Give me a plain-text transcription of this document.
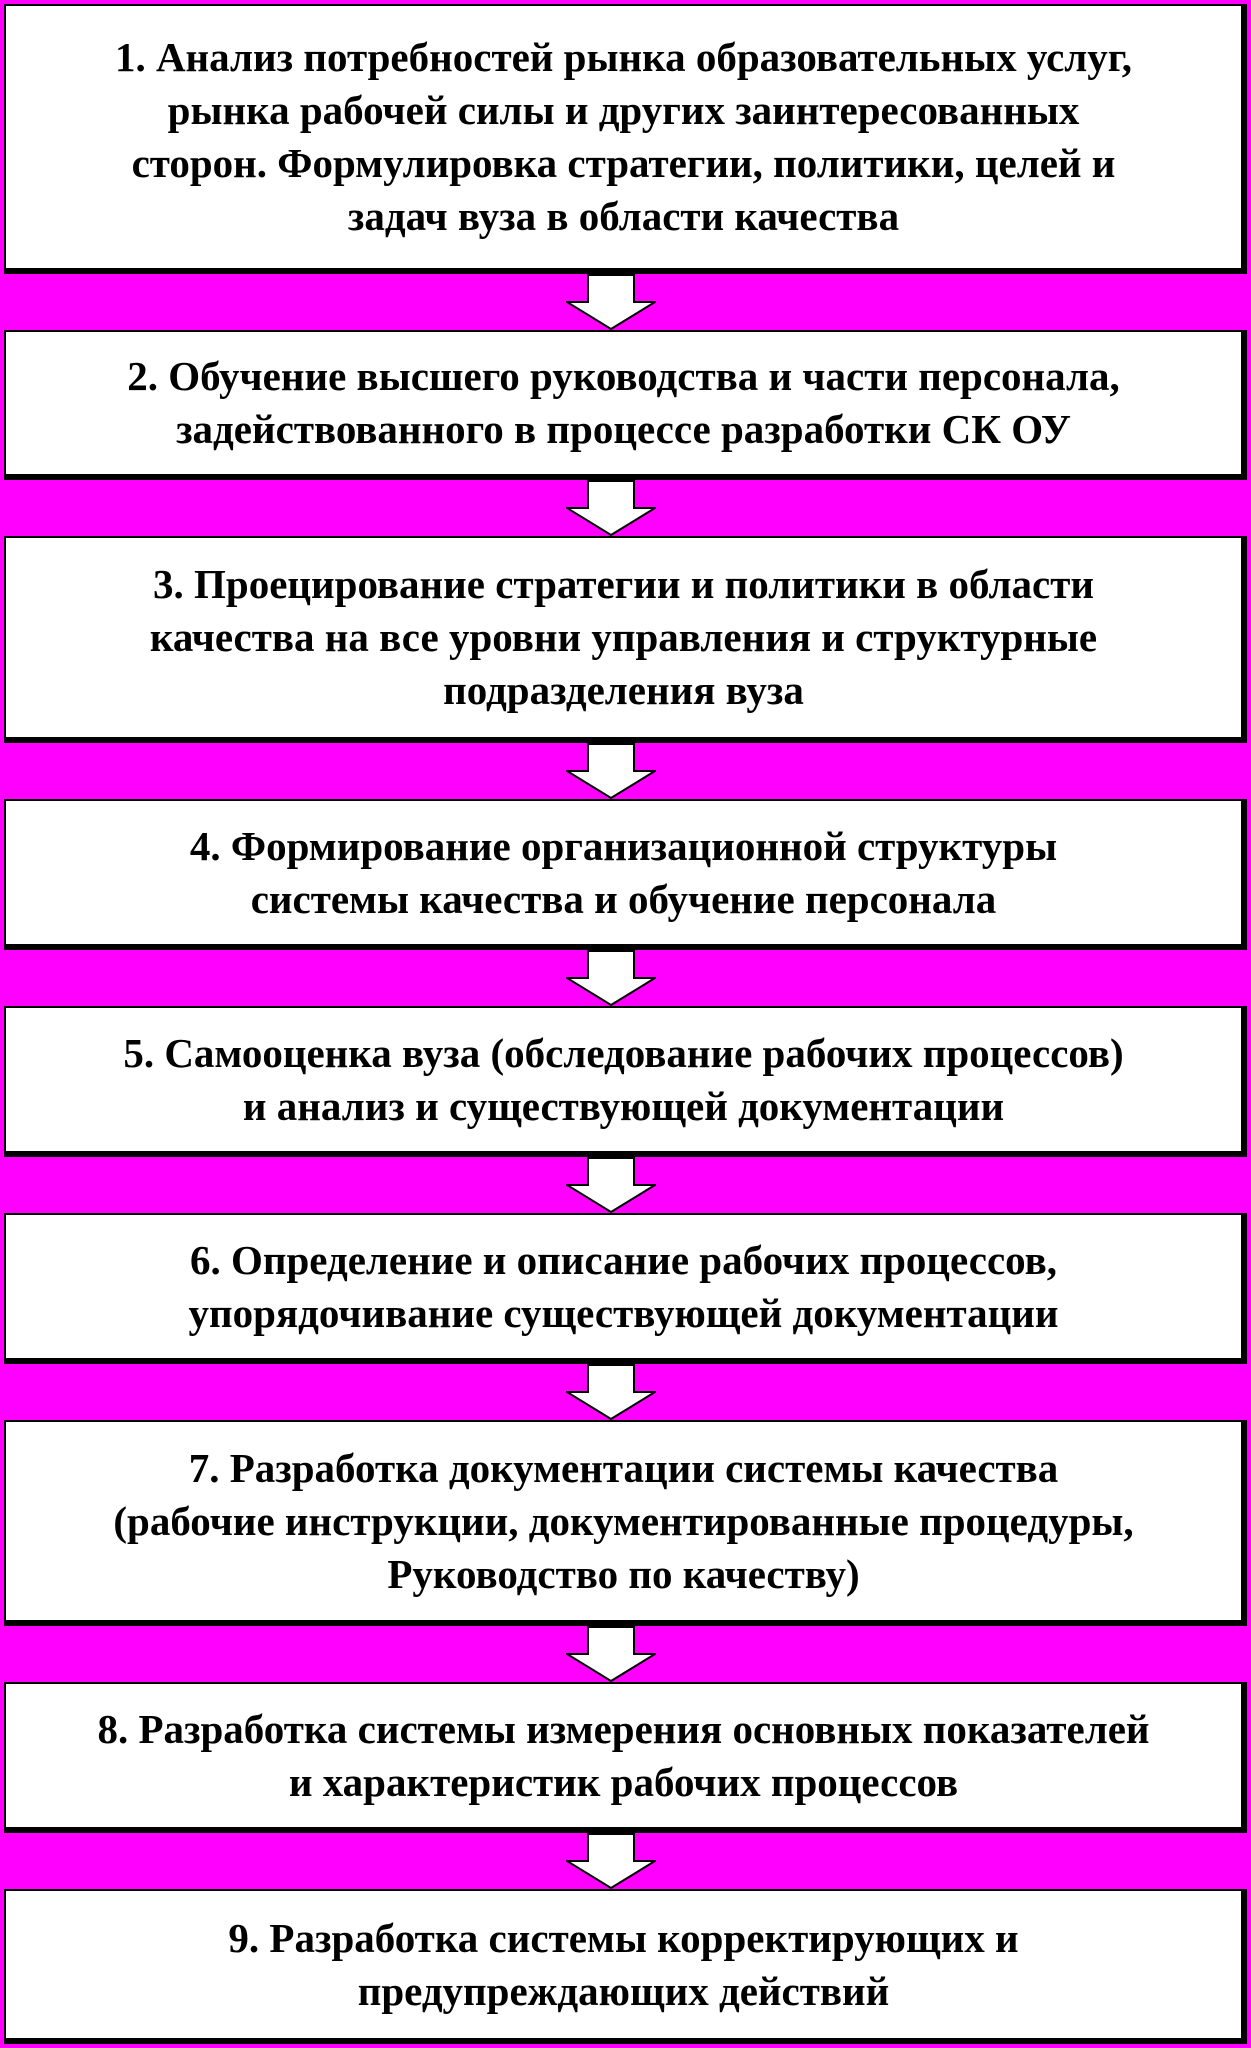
1. Анализ потребностей рынка образовательных услуг,
рынка рабочей силы и других заинтересованных
сторон. Формулировка стратегии, политики, целей и
задач вуза в области качества
2. Обучение высшего руководства и части персонала,
задействованного в процессе разработки СК ОУ
3. Проецирование стратегии и политики в области
качества на все уровни управления и структурные
подразделения вуза
4. Формирование организационной структуры
системы качества и обучение персонала
5. Самооценка вуза (обследование рабочих процессов)
и анализ и существующей документации
6. Определение и описание рабочих процессов,
упорядочивание существующей документации
7. Разработка документации системы качества
(рабочие инструкции, документированные процедуры,
Руководство по качеству)
8. Разработка системы измерения основных показателей
и характеристик рабочих процессов
9. Разработка системы корректирующих и
предупреждающих действий
